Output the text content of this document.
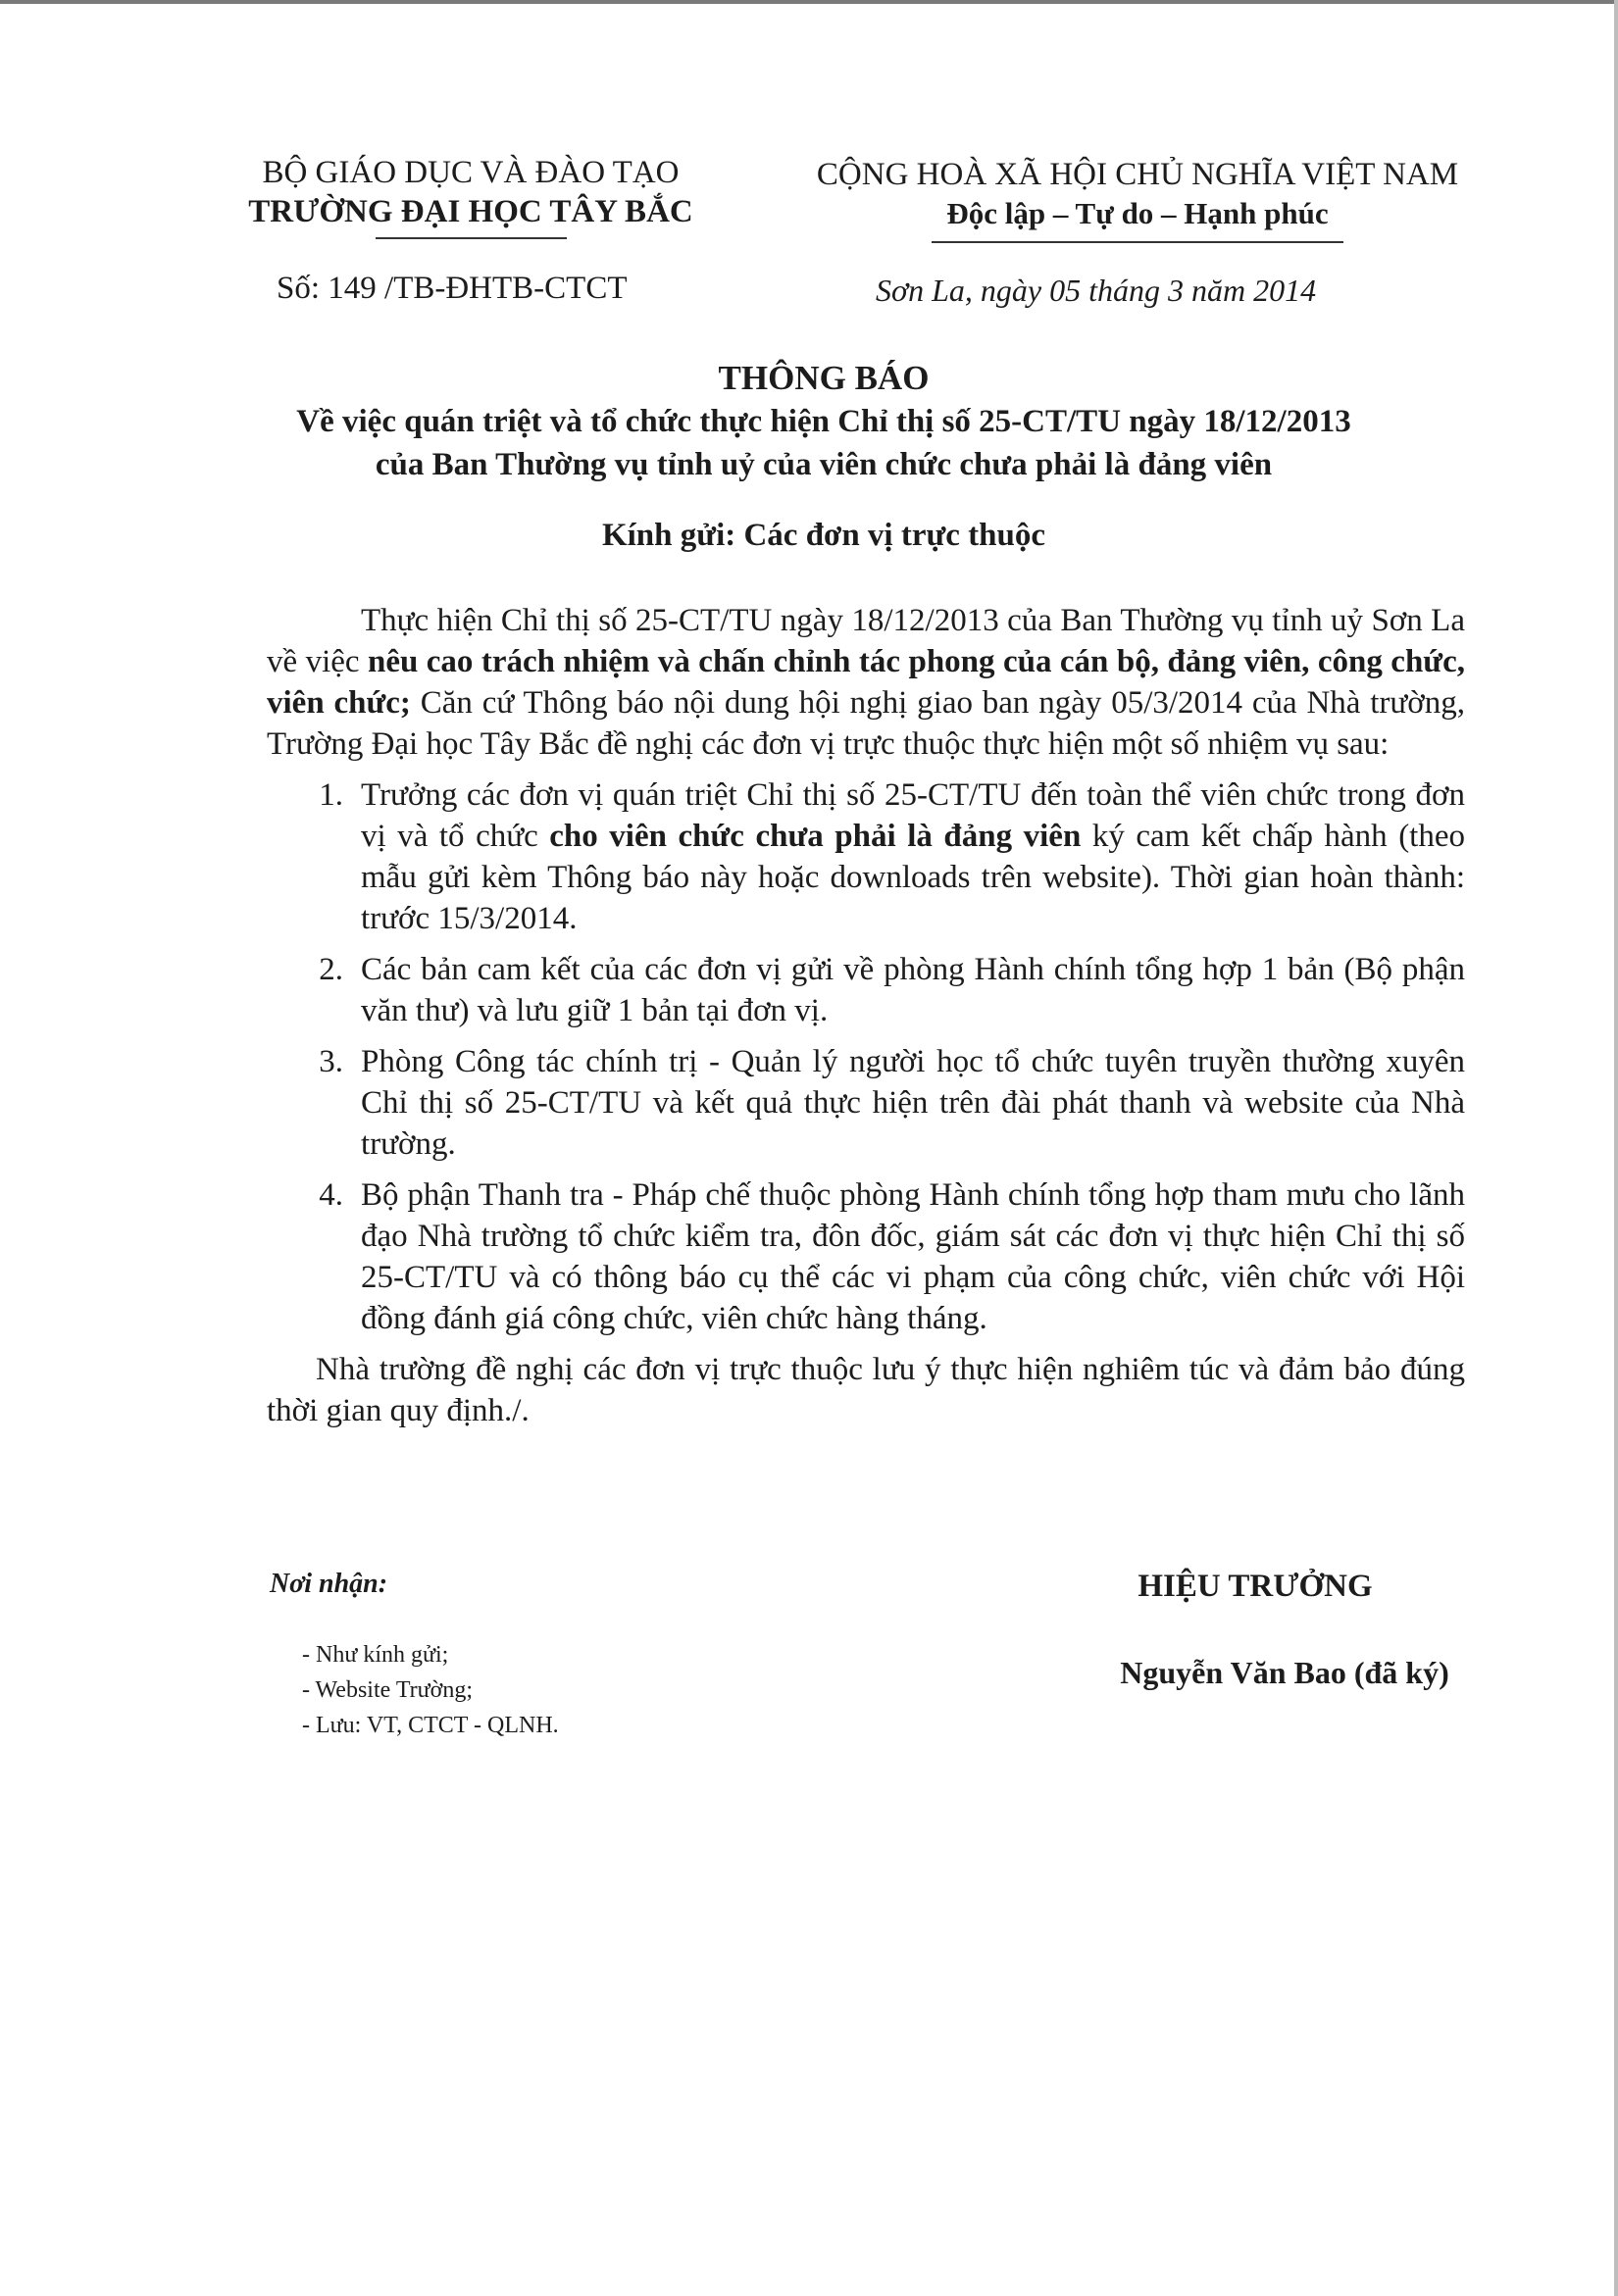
BỘ GIÁO DỤC VÀ ĐÀO TẠO
TRƯỜNG ĐẠI HỌC TÂY BẮC
Số: 149 /TB-ĐHTB-CTCT
CỘNG HOÀ XÃ HỘI CHỦ NGHĨA VIỆT NAM
Độc lập – Tự do – Hạnh phúc
Sơn La, ngày 05 tháng 3 năm 2014
THÔNG BÁO
Về việc quán triệt và tổ chức thực hiện Chỉ thị số 25-CT/TU ngày 18/12/2013
của Ban Thường vụ tỉnh uỷ của viên chức chưa phải là đảng viên
Kính gửi: Các đơn vị trực thuộc

Thực hiện Chỉ thị số 25-CT/TU ngày 18/12/2013 của Ban Thường vụ tỉnh uỷ Sơn La về việc nêu cao trách nhiệm và chấn chỉnh tác phong của cán bộ, đảng viên, công chức, viên chức; Căn cứ Thông báo nội dung hội nghị giao ban ngày 05/3/2014 của Nhà trường, Trường Đại học Tây Bắc đề nghị các đơn vị trực thuộc thực hiện một số nhiệm vụ sau:

1. Trưởng các đơn vị quán triệt Chỉ thị số 25-CT/TU đến toàn thể viên chức trong đơn vị và tổ chức cho viên chức chưa phải là đảng viên ký cam kết chấp hành (theo mẫu gửi kèm Thông báo này hoặc downloads trên website). Thời gian hoàn thành: trước 15/3/2014.
2. Các bản cam kết của các đơn vị gửi về phòng Hành chính tổng hợp 1 bản (Bộ phận văn thư) và lưu giữ 1 bản tại đơn vị.
3. Phòng Công tác chính trị - Quản lý người học tổ chức tuyên truyền thường xuyên Chỉ thị số 25-CT/TU và kết quả thực hiện trên đài phát thanh và website của Nhà trường.
4. Bộ phận Thanh tra - Pháp chế thuộc phòng Hành chính tổng hợp tham mưu cho lãnh đạo Nhà trường tổ chức kiểm tra, đôn đốc, giám sát các đơn vị thực hiện Chỉ thị số 25-CT/TU và có thông báo cụ thể các vi phạm của công chức, viên chức với Hội đồng đánh giá công chức, viên chức hàng tháng.

Nhà trường đề nghị các đơn vị trực thuộc lưu ý thực hiện nghiêm túc và đảm bảo đúng thời gian quy định./.

Nơi nhận:
- Như kính gửi;
- Website Trường;
- Lưu: VT, CTCT - QLNH.
HIỆU TRƯỞNG
Nguyễn Văn Bao (đã ký)
